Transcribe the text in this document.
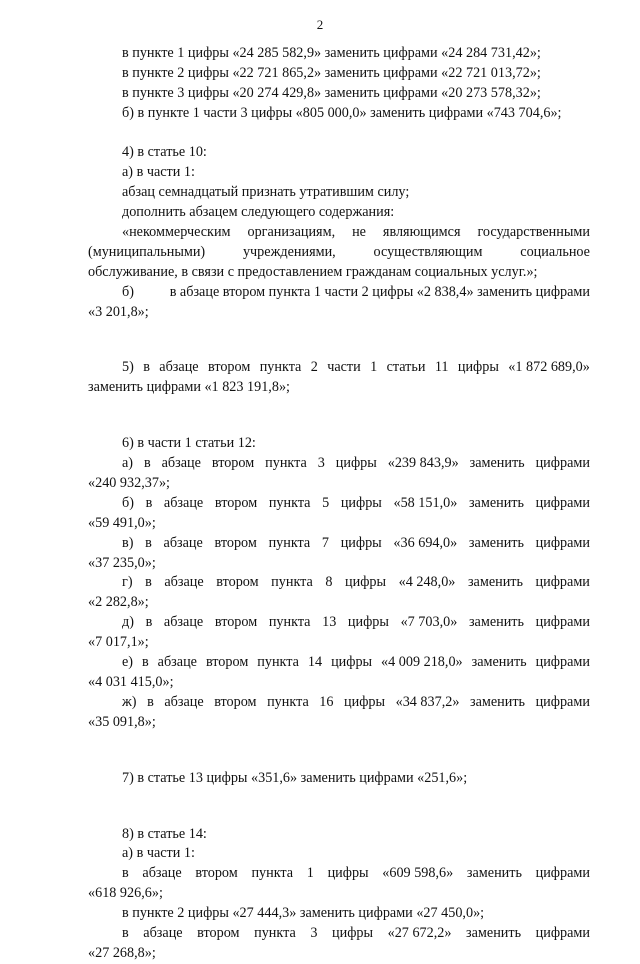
2
в пункте 1 цифры «24 285 582,9» заменить цифрами «24 284 731,42»;
в пункте 2 цифры «22 721 865,2» заменить цифрами «22 721 013,72»;
в пункте 3 цифры «20 274 429,8» заменить цифрами «20 273 578,32»;
б) в пункте 1 части 3 цифры «805 000,0» заменить цифрами «743 704,6»;
4) в статье 10:
а) в части 1:
абзац семнадцатый признать утратившим силу;
дополнить абзацем следующего содержания:
«некоммерческим организациям, не являющимся государственными
(муниципальными)	учреждениями,	осуществляющим	социальное
обслуживание, в связи с предоставлением гражданам социальных услуг.»;
б)	в абзаце втором пункта 1 части 2 цифры «2 838,4» заменить цифрами
«3 201,8»;
5) в абзаце втором пункта 2 части 1 статьи 11 цифры «1 872 689,0»
заменить цифрами «1 823 191,8»;
6) в части 1 статьи 12:
а) в абзаце втором пункта 3 цифры «239 843,9» заменить цифрами
«240 932,37»;
б) в абзаце втором пункта 5 цифры «58 151,0» заменить цифрами
«59 491,0»;
в) в абзаце втором пункта 7 цифры «36 694,0» заменить цифрами
«37 235,0»;
г) в абзаце втором пункта 8 цифры «4 248,0» заменить цифрами
«2 282,8»;
д) в абзаце втором пункта 13 цифры «7 703,0» заменить цифрами
«7 017,1»;
е) в абзаце втором пункта 14 цифры «4 009 218,0» заменить цифрами
«4 031 415,0»;
ж) в абзаце втором пункта 16 цифры «34 837,2» заменить цифрами
«35 091,8»;
7) в статье 13 цифры «351,6» заменить цифрами «251,6»;
8) в статье 14:
а) в части 1:
в абзаце втором пункта 1 цифры «609 598,6» заменить цифрами
«618 926,6»;
в пункте 2 цифры «27 444,3» заменить цифрами «27 450,0»;
в абзаце втором пункта 3 цифры «27 672,2» заменить цифрами
«27 268,8»;
